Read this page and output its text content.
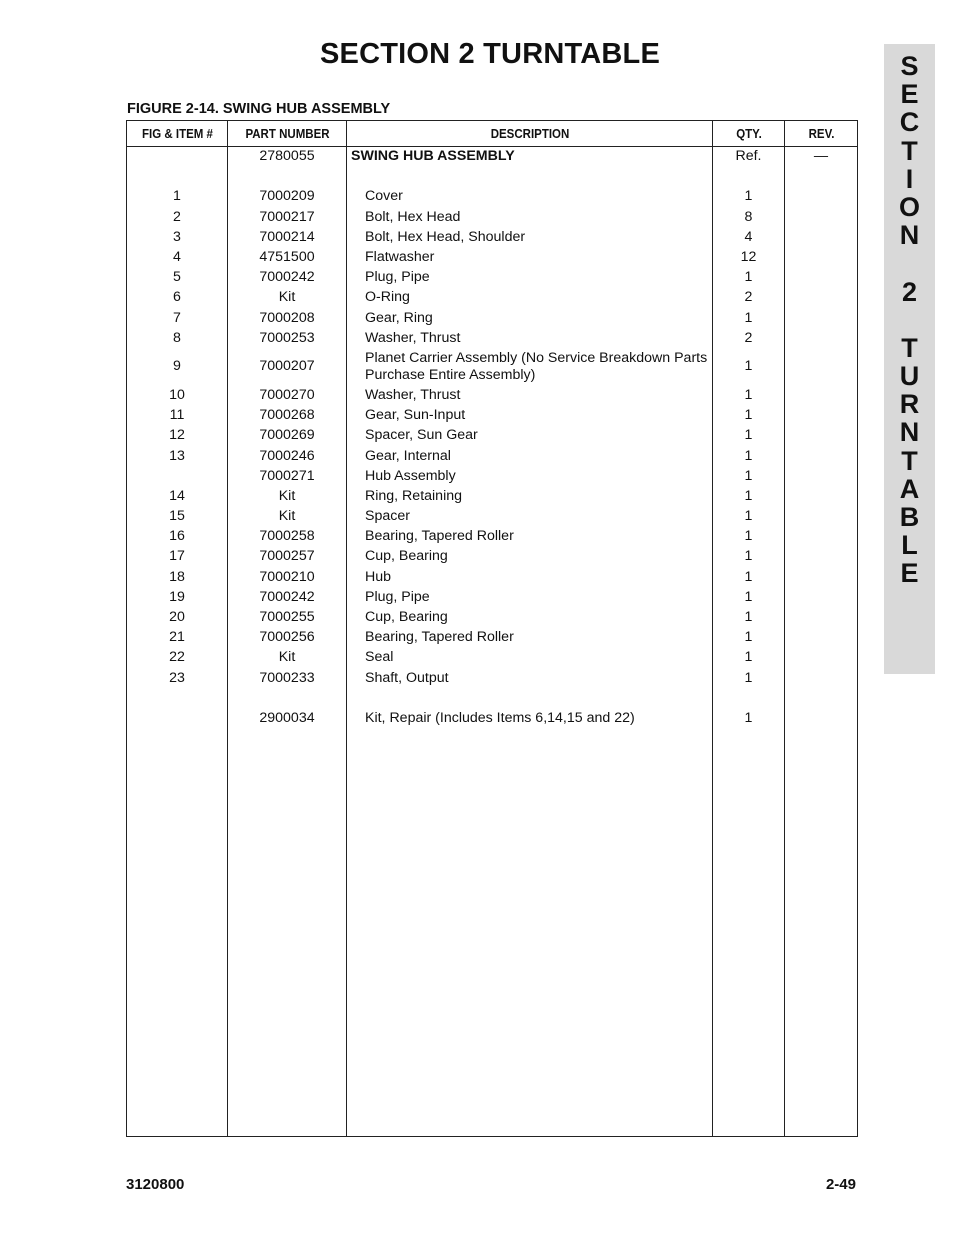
SECTION 2 TURNTABLE
FIGURE 2-14. SWING HUB ASSEMBLY
S
E
C
T
I
O
N
2
T
U
R
N
T
A
B
L
E
FIG & ITEM #	PART NUMBER	DESCRIPTION	QTY.	REV.
	2780055	SWING HUB ASSEMBLY	Ref.	—

1	7000209	Cover	1	
2	7000217	Bolt, Hex Head	8	
3	7000214	Bolt, Hex Head, Shoulder	4	
4	4751500	Flatwasher	12	
5	7000242	Plug, Pipe	1	
6	Kit	O-Ring	2	
7	7000208	Gear, Ring	1	
8	7000253	Washer, Thrust	2	
9	7000207	Planet Carrier Assembly (No Service Breakdown Parts Purchase Entire Assembly)	1	
10	7000270	Washer, Thrust	1	
11	7000268	Gear, Sun-Input	1	
12	7000269	Spacer, Sun Gear	1	
13	7000246	Gear, Internal	1	
	7000271	Hub Assembly	1	
14	Kit	Ring, Retaining	1	
15	Kit	Spacer	1	
16	7000258	Bearing, Tapered Roller	1	
17	7000257	Cup, Bearing	1	
18	7000210	Hub	1	
19	7000242	Plug, Pipe	1	
20	7000255	Cup, Bearing	1	
21	7000256	Bearing, Tapered Roller	1	
22	Kit	Seal	1	
23	7000233	Shaft, Output	1	

	2900034	Kit, Repair (Includes Items 6,14,15 and 22)	1	

3120800	2-49
